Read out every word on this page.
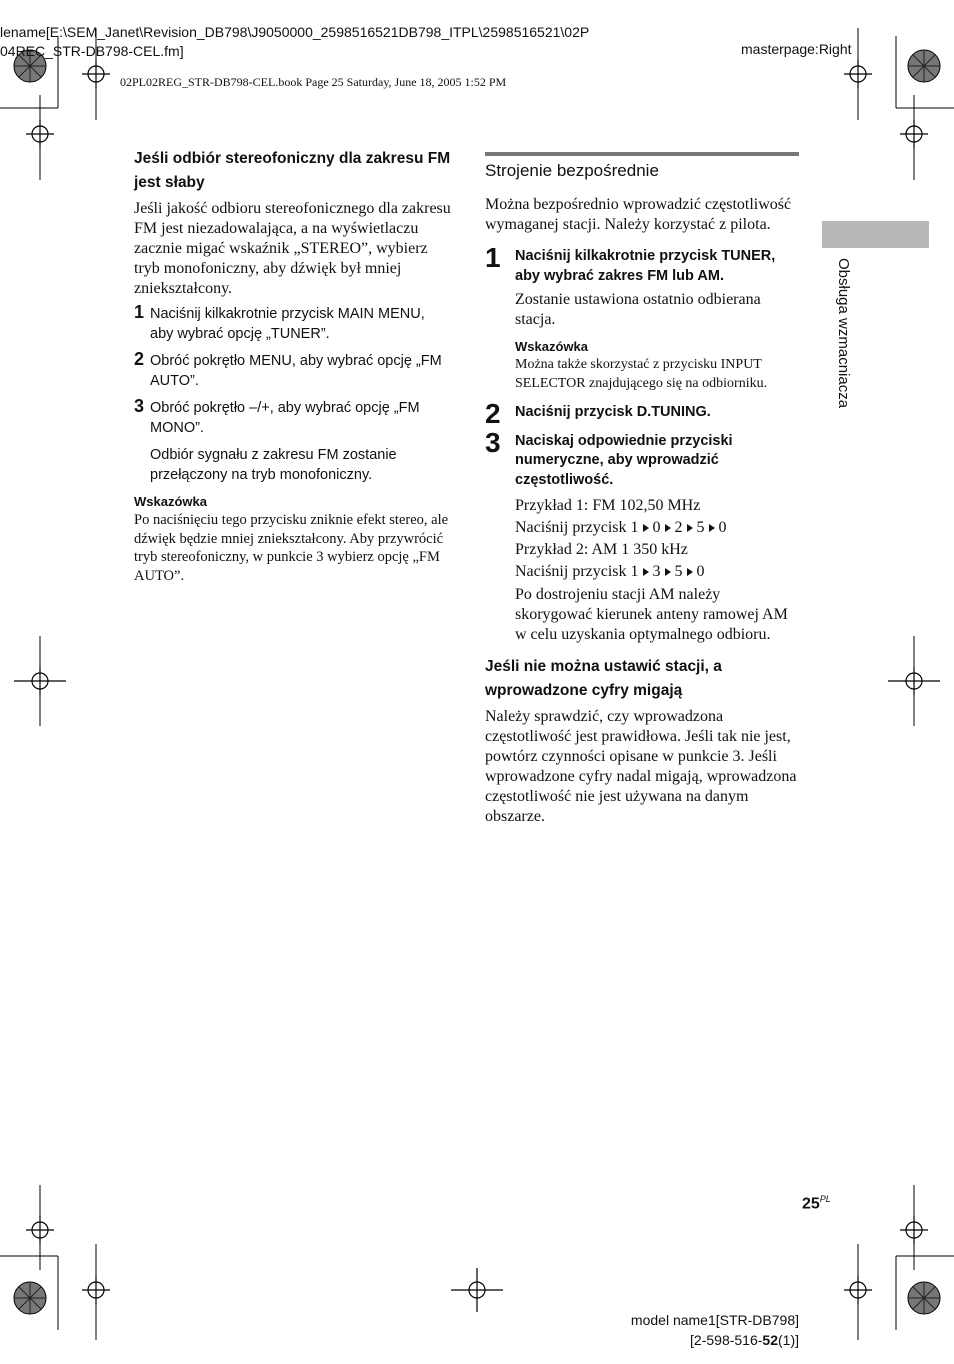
lename[E:\SEM_Janet\Revision_DB798\J9050000_2598516521DB798_ITPL\2598516521\02P
04REC_STR-DB798-CEL.fm]	masterpage:Right
02PL02REG_STR-DB798-CEL.book Page 25 Saturday, June 18, 2005 1:52 PM
Obsługa wzmacniacza

Jeśli odbiór stereofoniczny dla zakresu FM jest słaby

Jeśli jakość odbioru stereofonicznego dla zakresu FM jest niezadowalająca, a na wyświetlaczu zacznie migać wskaźnik „STEREO”, wybierz tryb monofoniczny, aby dźwięk był mniej zniekształcony.

1 Naciśnij kilkakrotnie przycisk MAIN MENU, aby wybrać opcję „TUNER”.
2 Obróć pokrętło MENU, aby wybrać opcję „FM AUTO”.
3 Obróć pokrętło –/+, aby wybrać opcję „FM MONO”.

Odbiór sygnału z zakresu FM zostanie przełączony na tryb monofoniczny.

Wskazówka

Po naciśnięciu tego przycisku zniknie efekt stereo, ale dźwięk będzie mniej zniekształcony. Aby przywrócić tryb stereofoniczny, w punkcie 3 wybierz opcję „FM AUTO”.

Strojenie bezpośrednie

Można bezpośrednio wprowadzić częstotliwość wymaganej stacji. Należy korzystać z pilota.

1 Naciśnij kilkakrotnie przycisk TUNER, aby wybrać zakres FM lub AM.

Zostanie ustawiona ostatnio odbierana stacja.

Wskazówka

Można także skorzystać z przycisku INPUT SELECTOR znajdującego się na odbiorniku.

2 Naciśnij przycisk D.TUNING.
3 Naciskaj odpowiednie przyciski numeryczne, aby wprowadzić częstotliwość.

Przykład 1: FM 102,50 MHz

Naciśnij przycisk 1 0 2 5 0

Przykład 2: AM 1 350 kHz

Naciśnij przycisk 1 3 5 0

Po dostrojeniu stacji AM należy skorygować kierunek anteny ramowej AM w celu uzyskania optymalnego odbioru.

Jeśli nie można ustawić stacji, a wprowadzone cyfry migają

Należy sprawdzić, czy wprowadzona częstotliwość jest prawidłowa. Jeśli tak nie jest, powtórz czynności opisane w punkcie 3. Jeśli wprowadzone cyfry nadal migają, wprowadzona częstotliwość nie jest używana na danym obszarze.

$25^{PL}$
model name1[STR-DB798]
[2-598-516-52(1)]
